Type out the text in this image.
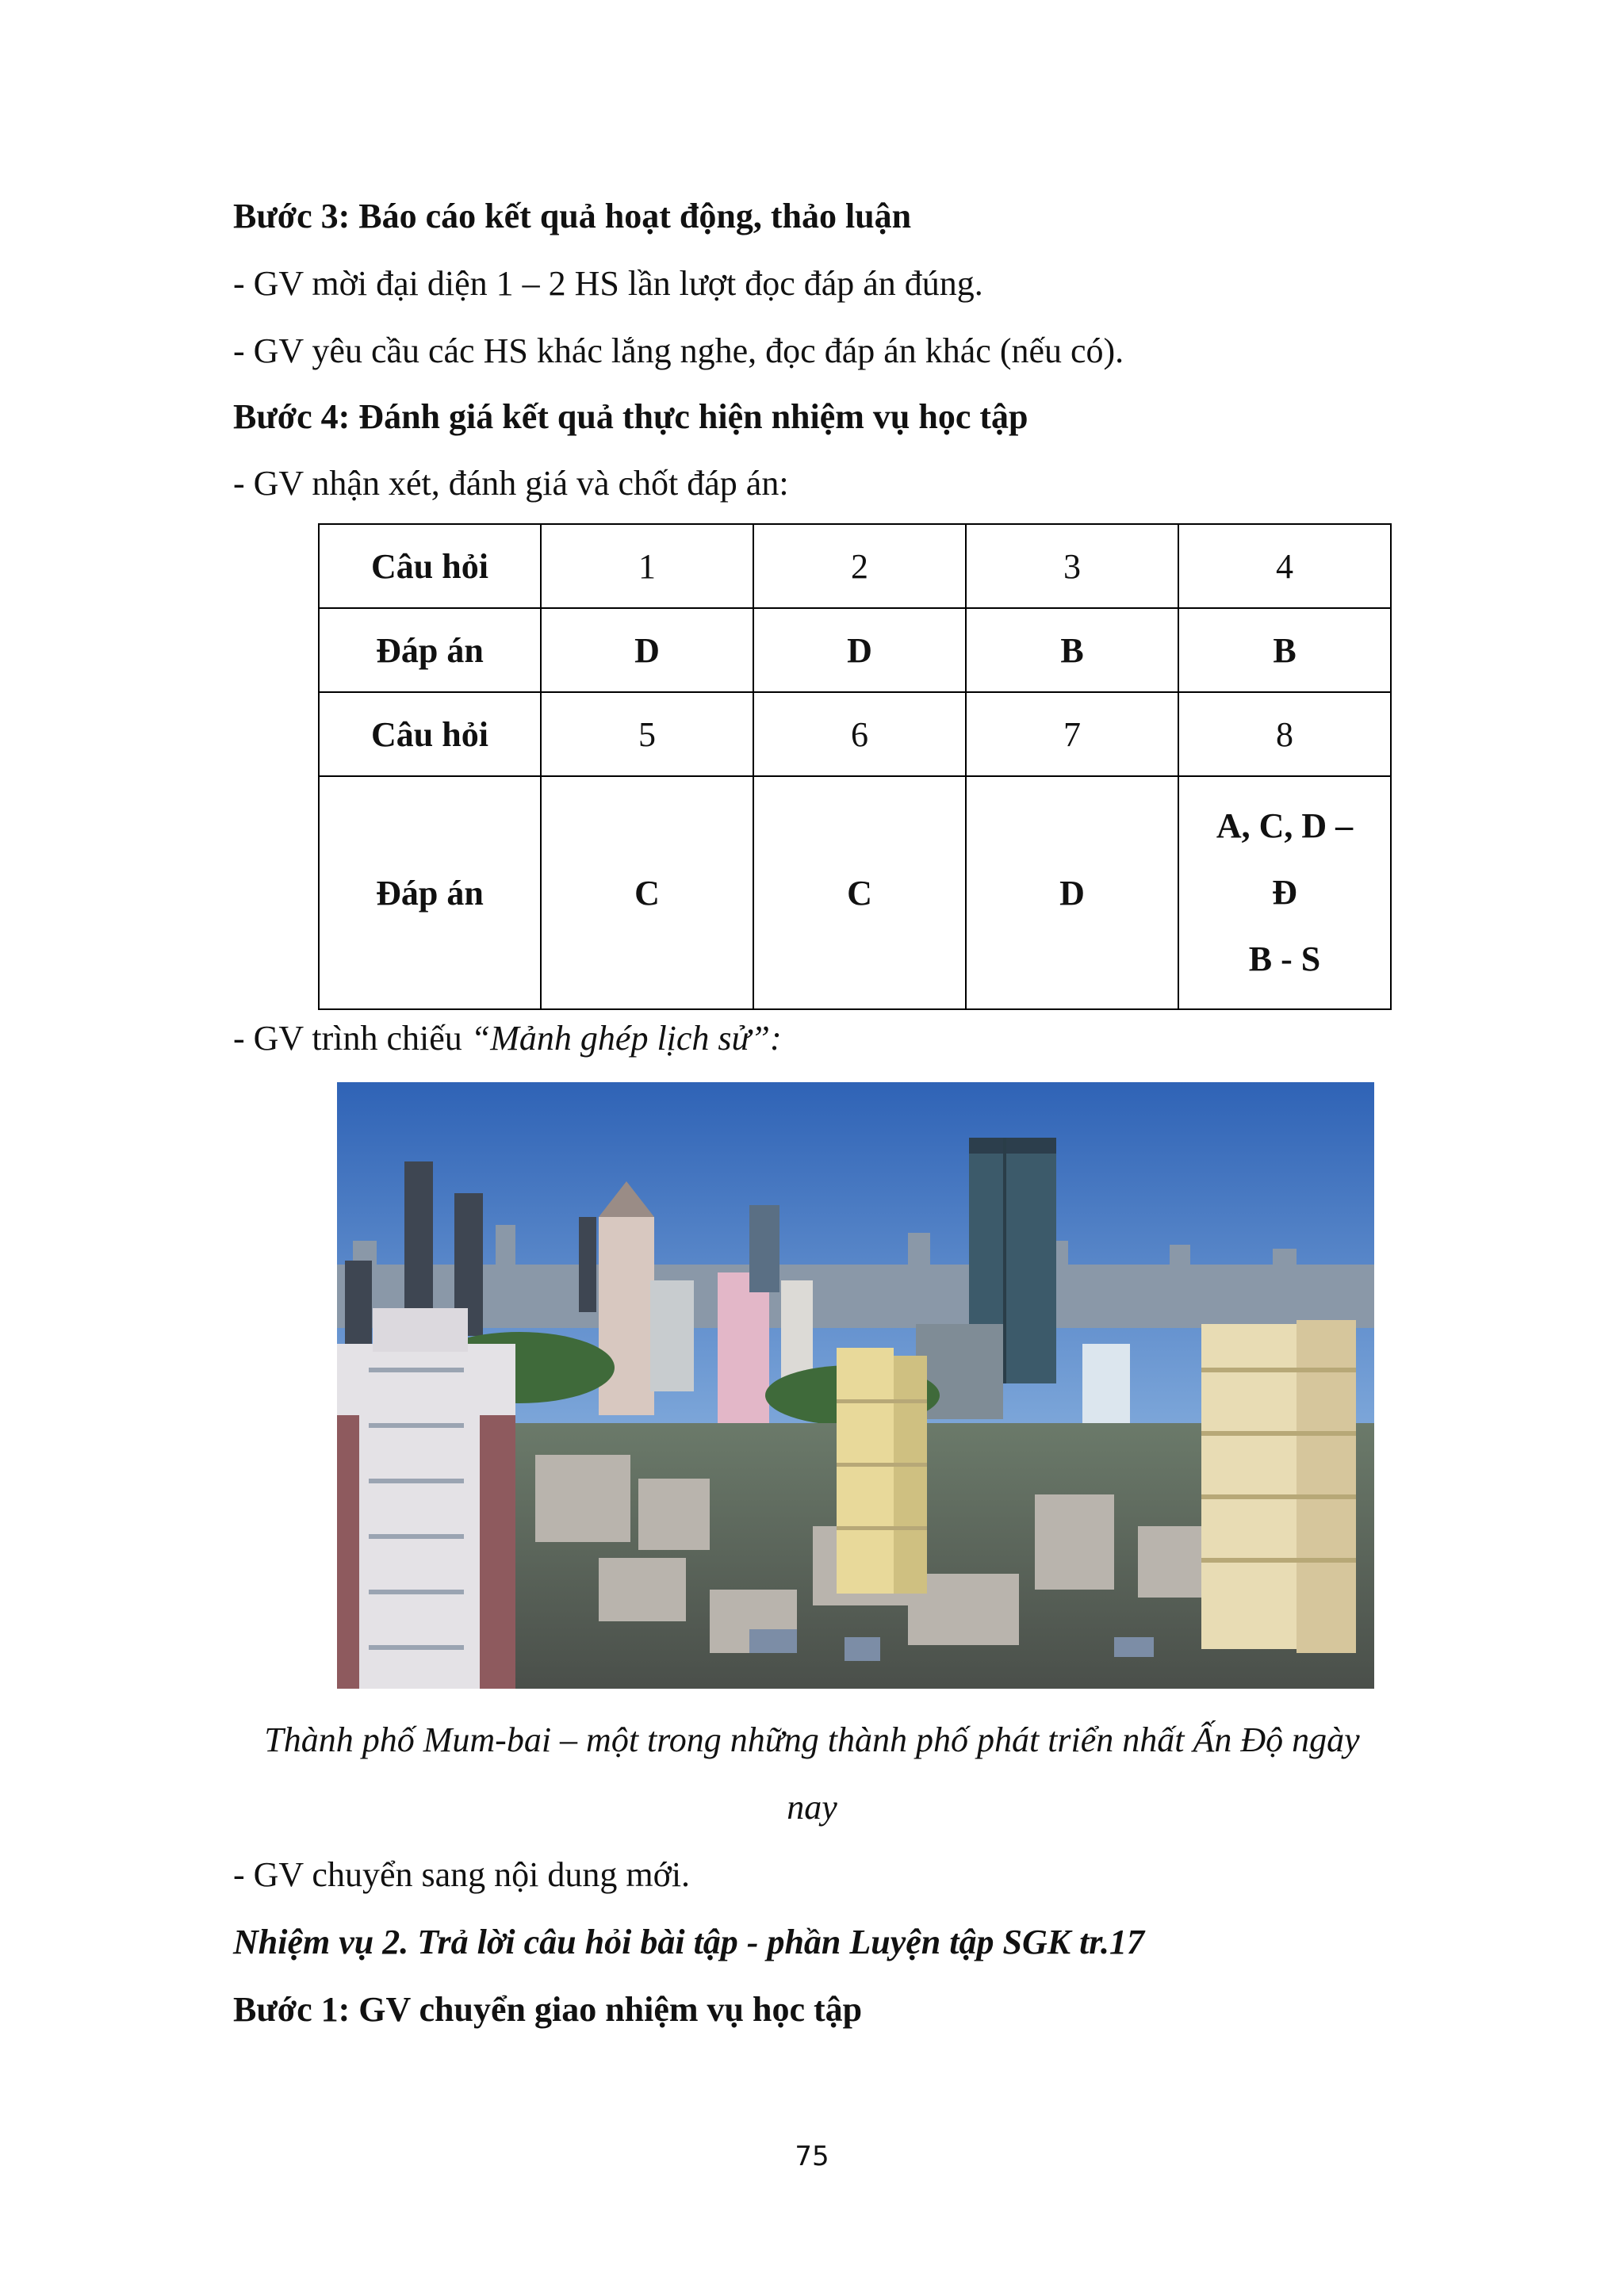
Bước 3: Báo cáo kết quả hoạt động, thảo luận
- GV mời đại diện 1 – 2 HS lần lượt đọc đáp án đúng.
- GV yêu cầu các HS khác lắng nghe, đọc đáp án khác (nếu có).
Bước 4: Đánh giá kết quả thực hiện nhiệm vụ học tập
- GV nhận xét, đánh giá và chốt đáp án:
Câu hỏi	1	2	3	4
Đáp án	D	D	B	B
Câu hỏi	5	6	7	8
Đáp án	C	C	D	A, C, D –
Đ
B - S
- GV trình chiếu “Mảnh ghép lịch sử”:
Thành phố Mum-bai – một trong những thành phố phát triển nhất Ấn Độ ngày
nay
- GV chuyển sang nội dung mới.
Nhiệm vụ 2. Trả lời câu hỏi bài tập - phần Luyện tập SGK tr.17
Bước 1: GV chuyển giao nhiệm vụ học tập
75
